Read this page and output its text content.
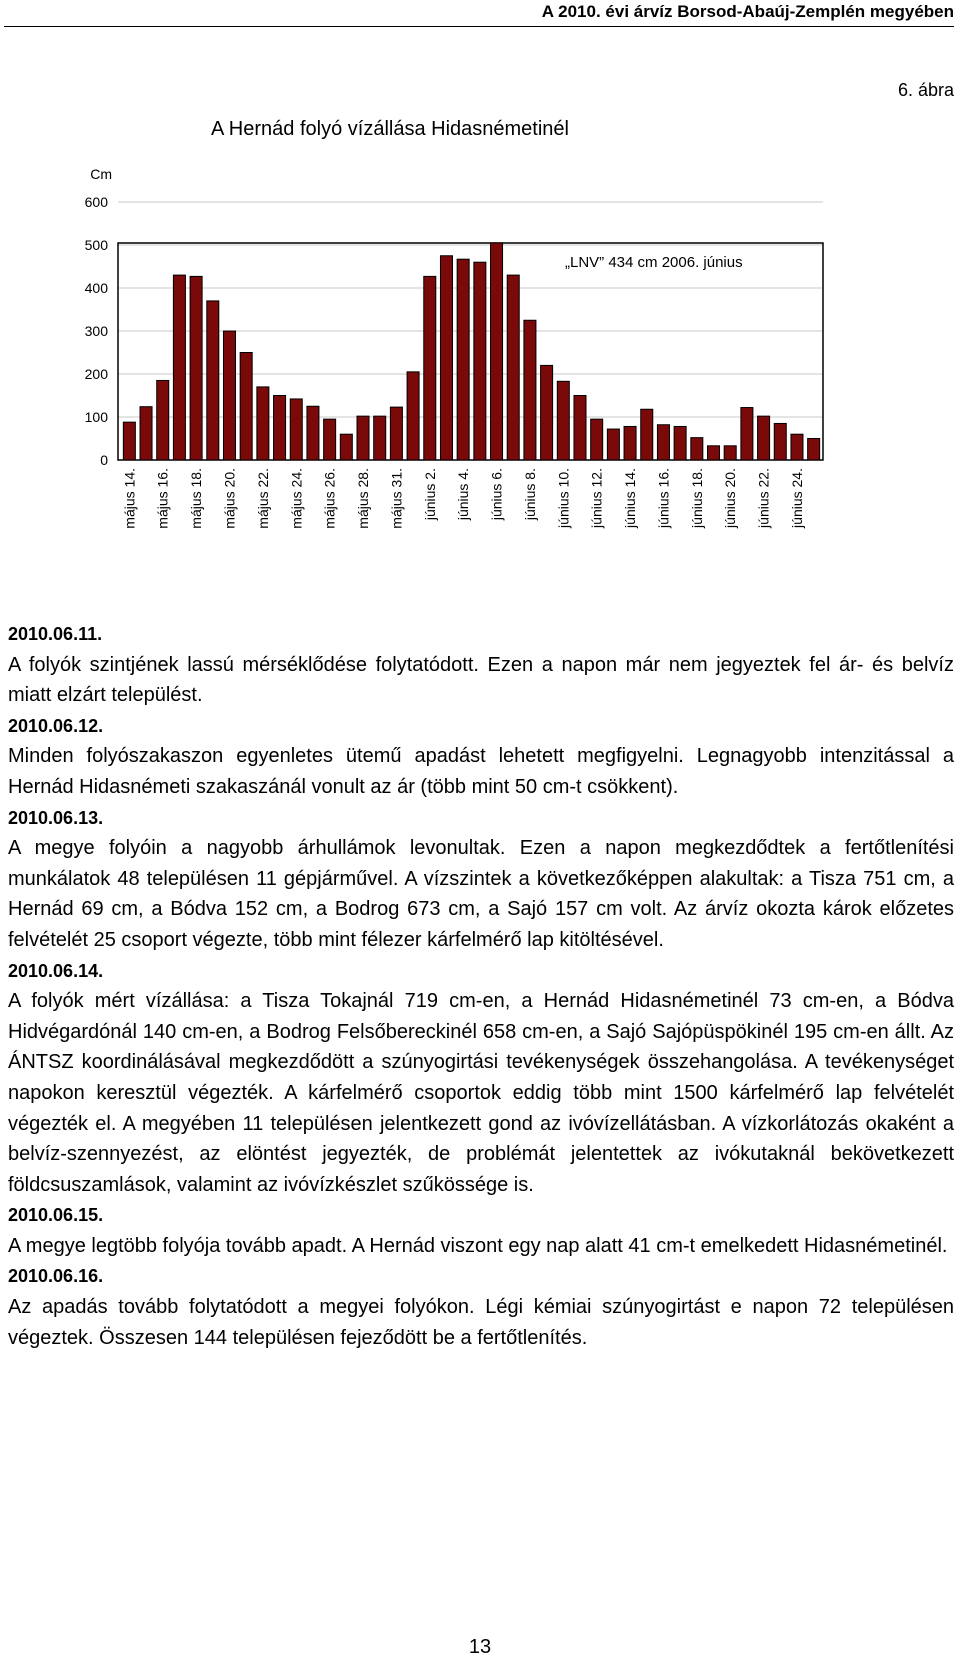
A 2010. évi árvíz Borsod-Abaúj-Zemplén megyében
6. ábra
A Hernád folyó vízállása Hidasnémetinél
0
100
200
300
400
500
600
Cm
„LNV” 434 cm 2006. június
május 14. május 16. május 18. május 20. május 22. május 24. május 26. május 28. május 31. június 2. június 4. június 6. június 8. június 10. június 12. június 14. június 16. június 18. június 20. június 22. június 24.
2010.06.11.
A folyók szintjének lassú mérséklődése folytatódott. Ezen a napon már nem jegyeztek fel ár- és belvíz miatt elzárt települést.
2010.06.12.
Minden folyószakaszon egyenletes ütemű apadást lehetett megfigyelni. Legnagyobb intenzitással a Hernád Hidasnémeti szakaszánál vonult az ár (több mint 50 cm-t csökkent).
2010.06.13.
A megye folyóin a nagyobb árhullámok levonultak. Ezen a napon megkezdődtek a fertőtlenítési munkálatok 48 településen 11 gépjárművel. A vízszintek a következőképpen alakultak: a Tisza 751 cm, a Hernád 69 cm, a Bódva 152 cm, a Bodrog 673 cm, a Sajó 157 cm volt. Az árvíz okozta károk előzetes felvételét 25 csoport végezte, több mint félezer kárfelmérő lap kitöltésével.
2010.06.14.
A folyók mért vízállása: a Tisza Tokajnál 719 cm-en, a Hernád Hidasnémetinél 73 cm-en, a Bódva Hidvégardónál 140 cm-en, a Bodrog Felsőbereckinél 658 cm-en, a Sajó Sajópüspökinél 195 cm-en állt. Az ÁNTSZ koordinálásával megkezdődött a szúnyogirtási tevékenységek összehangolása. A tevékenységet napokon keresztül végezték. A kárfelmérő csoportok eddig több mint 1500 kárfelmérő lap felvételét végezték el. A megyében 11 településen jelentkezett gond az ivóvízellátásban. A vízkorlátozás okaként a belvíz-szennyezést, az elöntést jegyezték, de problémát jelentettek az ivókutaknál bekövetkezett földcsuszamlások, valamint az ivóvízkészlet szűkössége is.
2010.06.15.
A megye legtöbb folyója tovább apadt. A Hernád viszont egy nap alatt 41 cm-t emelkedett Hidasnémetinél.
2010.06.16.
Az apadás tovább folytatódott a megyei folyókon. Légi kémiai szúnyogirtást e napon 72 településen végeztek. Összesen 144 településen fejeződött be a fertőtlenítés.
13
